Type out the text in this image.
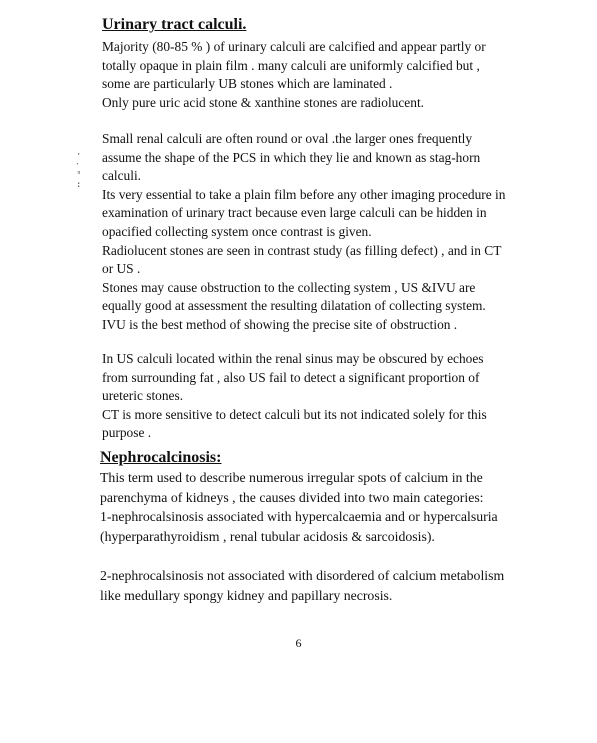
·
‧
ᵌ
:

Urinary tract calculi.

Majority (80-85 % ) of urinary calculi are calcified and appear partly or
totally opaque in plain film . many calculi are uniformly calcified but ,
some are particularly UB stones which are laminated .
Only pure uric acid stone & xanthine stones are radiolucent.
Small renal calculi are often round or oval .the larger ones frequently
assume the shape of the PCS in which they lie and known as stag-horn
calculi.
Its very essential to take a plain film before any other imaging procedure in
examination of urinary tract because even large calculi can be hidden in
opacified collecting system once contrast is given.
Radiolucent stones are seen in contrast study (as filling defect) , and in CT
or US .
Stones may cause obstruction to the collecting system , US &IVU are
equally good at assessment the resulting dilatation of collecting system.
IVU is the best method of showing the precise site of obstruction .
In US calculi located within the renal sinus may be obscured by echoes
from surrounding fat , also US fail to detect a significant proportion of
ureteric stones.
CT is more sensitive to detect calculi but its not indicated solely for this
purpose .

Nephrocalcinosis:

This term used to describe numerous irregular spots of calcium in the
parenchyma of kidneys , the causes divided into two main categories:
1-nephrocalsinosis associated with hypercalcaemia and or hypercalsuria
(hyperparathyroidism , renal tubular acidosis & sarcoidosis).
2-nephrocalsinosis not associated with disordered of calcium metabolism
like medullary spongy kidney and papillary necrosis.
6
